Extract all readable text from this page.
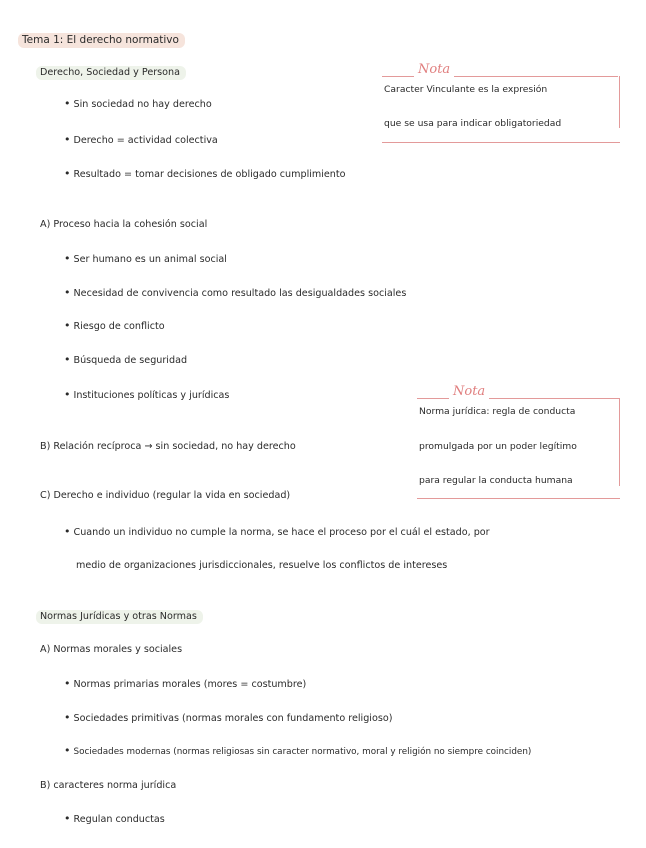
Tema 1: El derecho normativo
Derecho, Sociedad y Persona
• Sin sociedad no hay derecho
• Derecho = actividad colectiva
• Resultado = tomar decisiones de obligado cumplimiento
A) Proceso hacia la cohesión social
• Ser humano es un animal social
• Necesidad de convivencia como resultado las desigualdades sociales
• Riesgo de conflicto
• Búsqueda de seguridad
• Instituciones políticas y jurídicas
B) Relación recíproca → sin sociedad, no hay derecho
C) Derecho e individuo (regular la vida en sociedad)
• Cuando un individuo no cumple la norma, se hace el proceso por el cuál el estado, por
medio de organizaciones jurisdiccionales, resuelve los conflictos de intereses
Normas Jurídicas y otras Normas
A) Normas morales y sociales
• Normas primarias morales (mores = costumbre)
• Sociedades primitivas (normas morales con fundamento religioso)
• Sociedades modernas (normas religiosas sin caracter normativo, moral y religión no siempre coinciden)
B) caracteres norma jurídica
• Regulan conductas
Nota
Caracter Vinculante es la expresión
que se usa para indicar obligatoriedad
Nota
Norma jurídica: regla de conducta
promulgada por un poder legítimo
para regular la conducta humana
